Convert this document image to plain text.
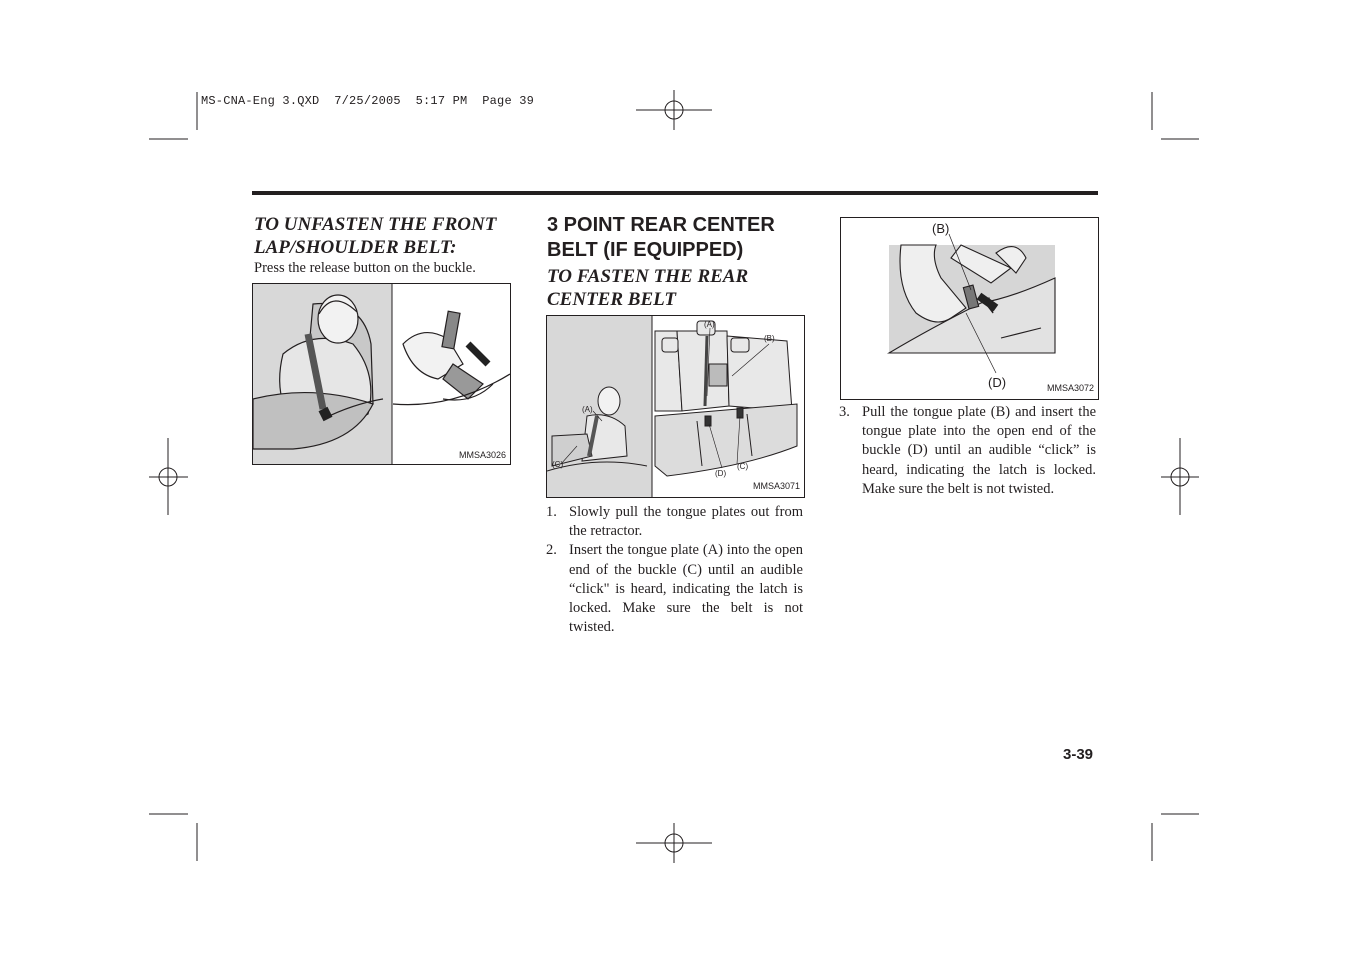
MS-CNA-Eng 3.QXD  7/25/2005  5:17 PM  Page 39
TO UNFASTEN THE FRONT LAP/SHOULDER BELT:
Press the release button on the buckle.
MMSA3026
3 POINT REAR CENTER BELT (IF EQUIPPED)
TO FASTEN THE REAR CENTER BELT
(A)
(B)
(C)
(D)
(A)
(C)
MMSA3071
1. Slowly pull the tongue plates out from the retractor.
2. Insert the tongue plate (A) into the open end of the buckle (C) until an audible “click" is heard, indicating the latch is locked. Make sure the belt is not twisted.
(B)
(D)	MMSA3072
3. Pull the tongue plate (B) and insert the tongue plate into the open end of the buckle (D) until an audible “click” is heard, indicating the latch is locked. Make sure the belt is not twisted.
3-39
